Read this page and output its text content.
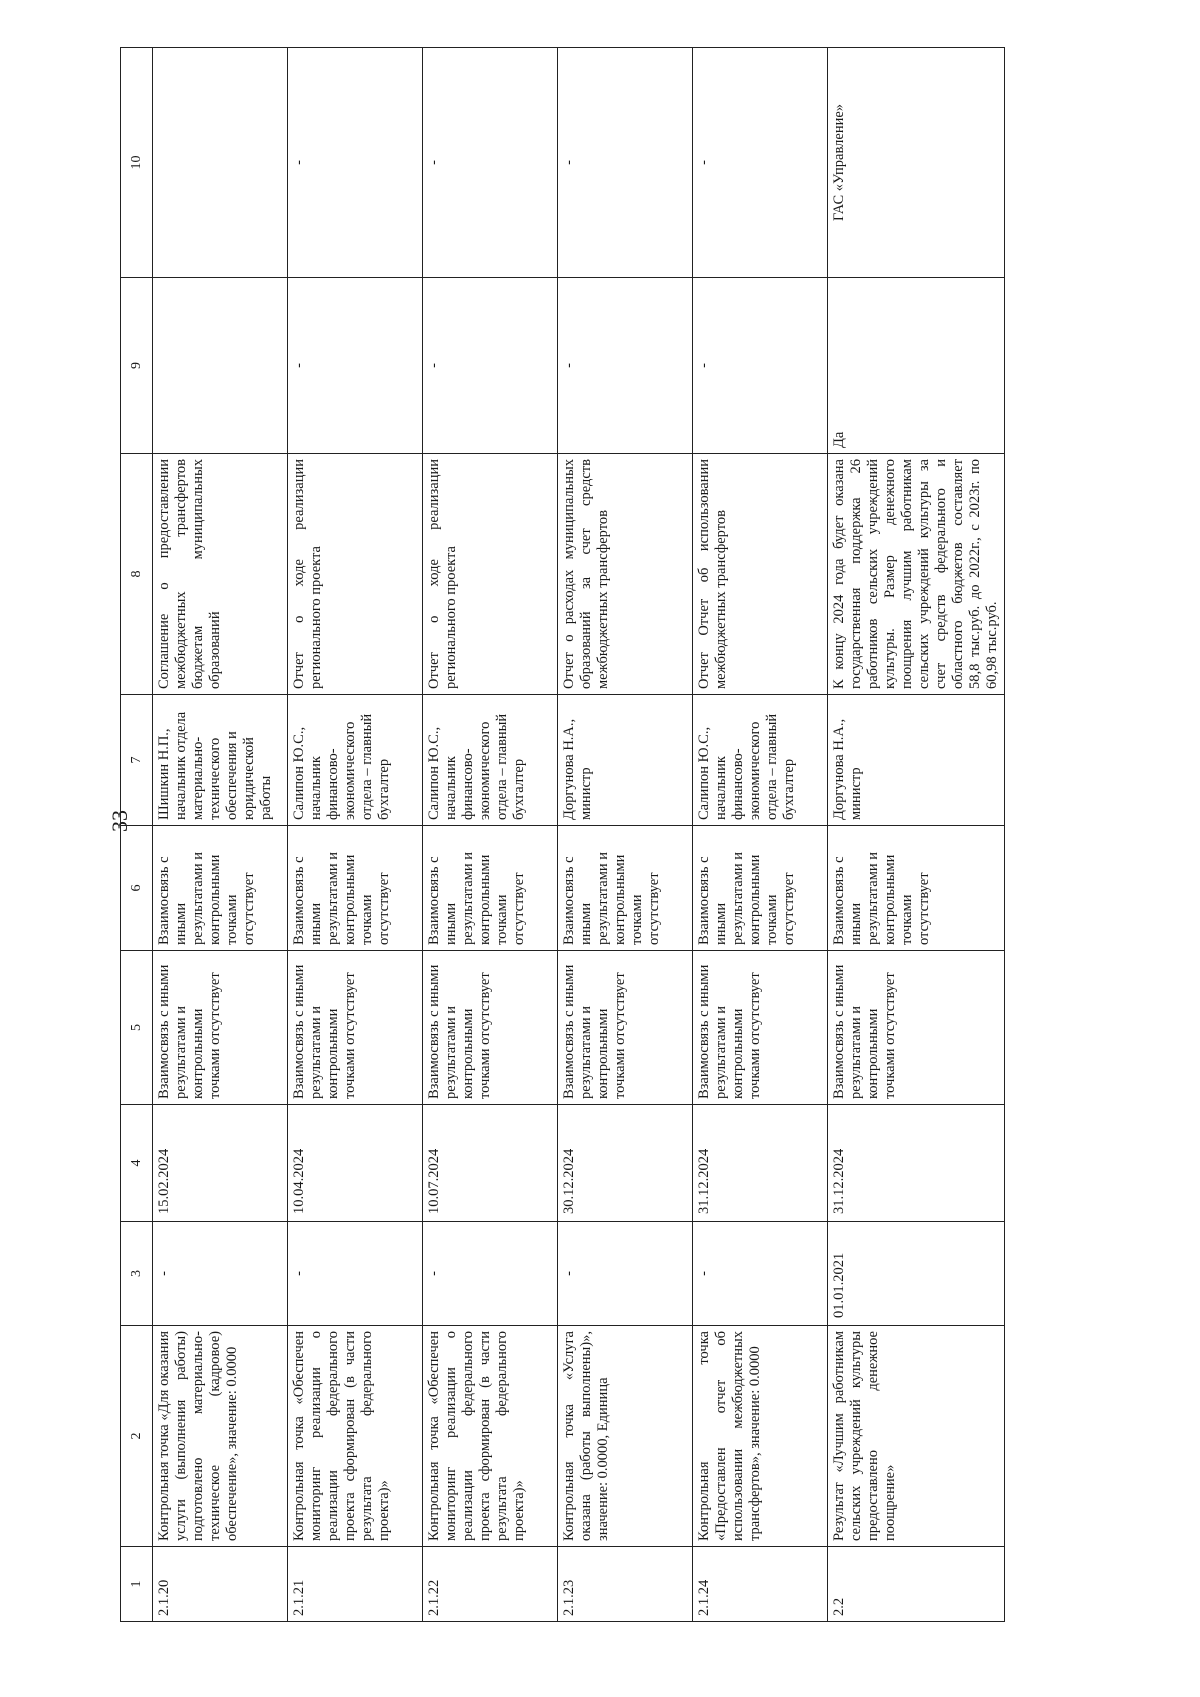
33
1	2	3	4	5	6	7	8	9	10
2.1.20	Контрольная точка «Для оказания услуги (выполнения работы) подготовлено материально-техническое (кадровое) обеспечение», значение: 0.0000	-	15.02.2024	Взаимосвязь с иными результатами и контрольными точками отсутствует	Взаимосвязь с иными результатами и контрольными точками отсутствует	Шишкин Н.П., начальник отдела материально-технического обеспечения и юридической работы	Соглашение о предоставлении межбюджетных трансфертов бюджетам муниципальных образований		
2.1.21	Контрольная точка «Обеспечен мониторинг реализации о реализации федерального проекта сформирован (в части результата федерального проекта)»	-	10.04.2024	Взаимосвязь с иными результатами и контрольными точками отсутствует	Взаимосвязь с иными результатами и контрольными точками отсутствует	Салипон Ю.С., начальник финансово-экономического отдела – главный бухгалтер	Отчет о ходе реализации регионального проекта	-	-
2.1.22	Контрольная точка «Обеспечен мониторинг реализации о реализации федерального проекта сформирован (в части результата федерального проекта)»	-	10.07.2024	Взаимосвязь с иными результатами и контрольными точками отсутствует	Взаимосвязь с иными результатами и контрольными точками отсутствует	Салипон Ю.С., начальник финансово-экономического отдела – главный бухгалтер	Отчет о ходе реализации регионального проекта	-	-
2.1.23	Контрольная точка «Услуга оказана (работы выполнены)», значение: 0.0000, Единица	-	30.12.2024	Взаимосвязь с иными результатами и контрольными точками отсутствует	Взаимосвязь с иными результатами и контрольными точками отсутствует	Доргунова Н.А., министр	Отчет о расходах муниципальных образований за счет средств межбюджетных трансфертов	-	-
2.1.24	Контрольная точка «Предоставлен отчет об использовании межбюджетных трансфертов», значение: 0.0000	-	31.12.2024	Взаимосвязь с иными результатами и контрольными точками отсутствует	Взаимосвязь с иными результатами и контрольными точками отсутствует	Салипон Ю.С., начальник финансово-экономического отдела – главный бухгалтер	Отчет Отчет об использовании межбюджетных трансфертов	-	-
2.2	Результат «Лучшим работникам сельских учреждений культуры предоставлено денежное поощрение»	01.01.2021	31.12.2024	Взаимосвязь с иными результатами и контрольными точками отсутствует	Взаимосвязь с иными результатами и контрольными точками отсутствует	Доргунова Н.А., министр	К концу 2024 года будет оказана государственная поддержка 26 работников сельских учреждений культуры. Размер денежного поощрения лучшим работникам сельских учреждений культуры за счет средств федерального и областного бюджетов составляет 58,8 тыс.руб. до 2022г., с 2023г. по 60,98 тыс.руб.	Да	ГАС «Управление»
